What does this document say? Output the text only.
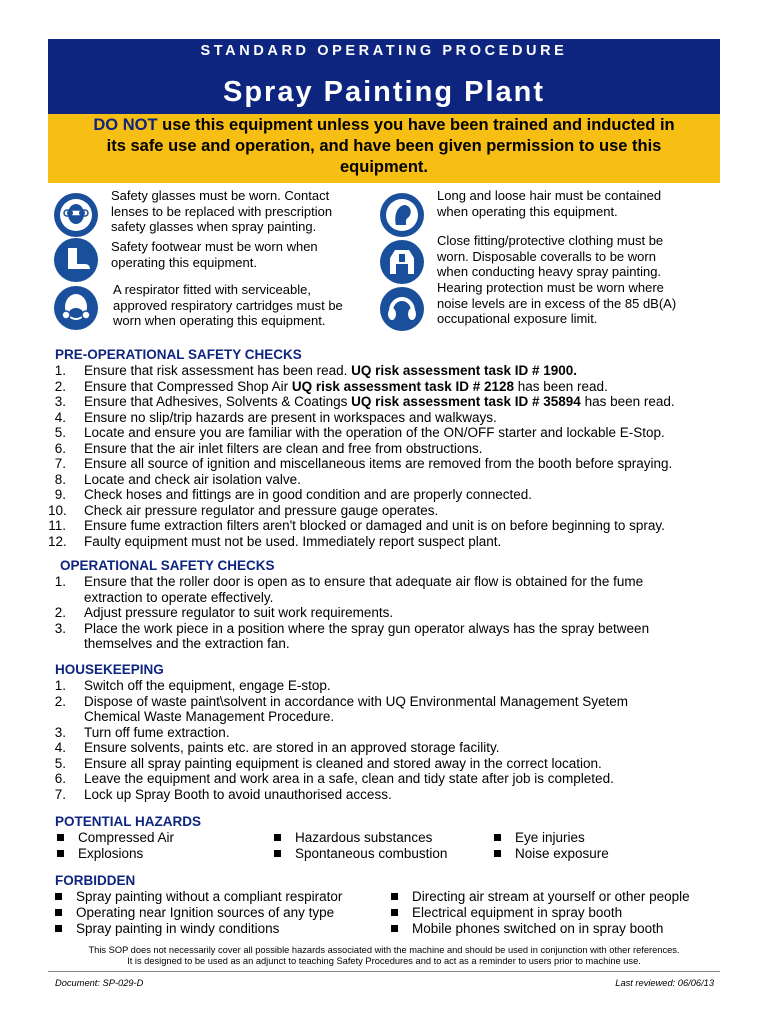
STANDARD OPERATING PROCEDURE
Spray Painting Plant
DO NOT use this equipment unless you have been trained and inducted in
its safe use and operation, and have been given permission to use this
equipment.
Safety glasses must be worn. Contact
lenses to be replaced with prescription
safety glasses when spray painting.
Safety footwear must be worn when
operating this equipment.
A respirator fitted with serviceable,
approved respiratory cartridges must be
worn when operating this equipment.
Long and loose hair must be contained
when operating this equipment.
Close fitting/protective clothing must be
worn. Disposable coveralls to be worn
when conducting heavy spray painting.
Hearing protection must be worn where
noise levels are in excess of the 85 dB(A)
occupational exposure limit.
PRE-OPERATIONAL SAFETY CHECKS
1. Ensure that risk assessment has been read. UQ risk assessment task ID # 1900.
2. Ensure that Compressed Shop Air UQ risk assessment task ID # 2128 has been read.
3. Ensure that Adhesives, Solvents & Coatings UQ risk assessment task ID # 35894 has been read.
4. Ensure no slip/trip hazards are present in workspaces and walkways.
5. Locate and ensure you are familiar with the operation of the ON/OFF starter and lockable E-Stop.
6. Ensure that the air inlet filters are clean and free from obstructions.
7. Ensure all source of ignition and miscellaneous items are removed from the booth before spraying.
8. Locate and check air isolation valve.
9. Check hoses and fittings are in good condition and are properly connected.
10. Check air pressure regulator and pressure gauge operates.
11. Ensure fume extraction filters aren't blocked or damaged and unit is on before beginning to spray.
12. Faulty equipment must not be used. Immediately report suspect plant.
OPERATIONAL SAFETY CHECKS
1. Ensure that the roller door is open as to ensure that adequate air flow is obtained for the fume
extraction to operate effectively.
2. Adjust pressure regulator to suit work requirements.
3. Place the work piece in a position where the spray gun operator always has the spray between
themselves and the extraction fan.
HOUSEKEEPING
1. Switch off the equipment, engage E-stop.
2. Dispose of waste paint\solvent in accordance with UQ Environmental Management Syetem
Chemical Waste Management Procedure.
3. Turn off fume extraction.
4. Ensure solvents, paints etc. are stored in an approved storage facility.
5. Ensure all spray painting equipment is cleaned and stored away in the correct location.
6. Leave the equipment and work area in a safe, clean and tidy state after job is completed.
7. Lock up Spray Booth to avoid unauthorised access.
POTENTIAL HAZARDS
Compressed Air
Explosions
Hazardous substances
Spontaneous combustion
Eye injuries
Noise exposure
FORBIDDEN
Spray painting without a compliant respirator
Operating near Ignition sources of any type
Spray painting in windy conditions
Directing air stream at yourself or other people
Electrical equipment in spray booth
Mobile phones switched on in spray booth
This SOP does not necessarily cover all possible hazards associated with the machine and should be used in conjunction with other references.
It is designed to be used as an adjunct to teaching Safety Procedures and to act as a reminder to users prior to machine use.
Document: SP-029-D	Last reviewed: 06/06/13
